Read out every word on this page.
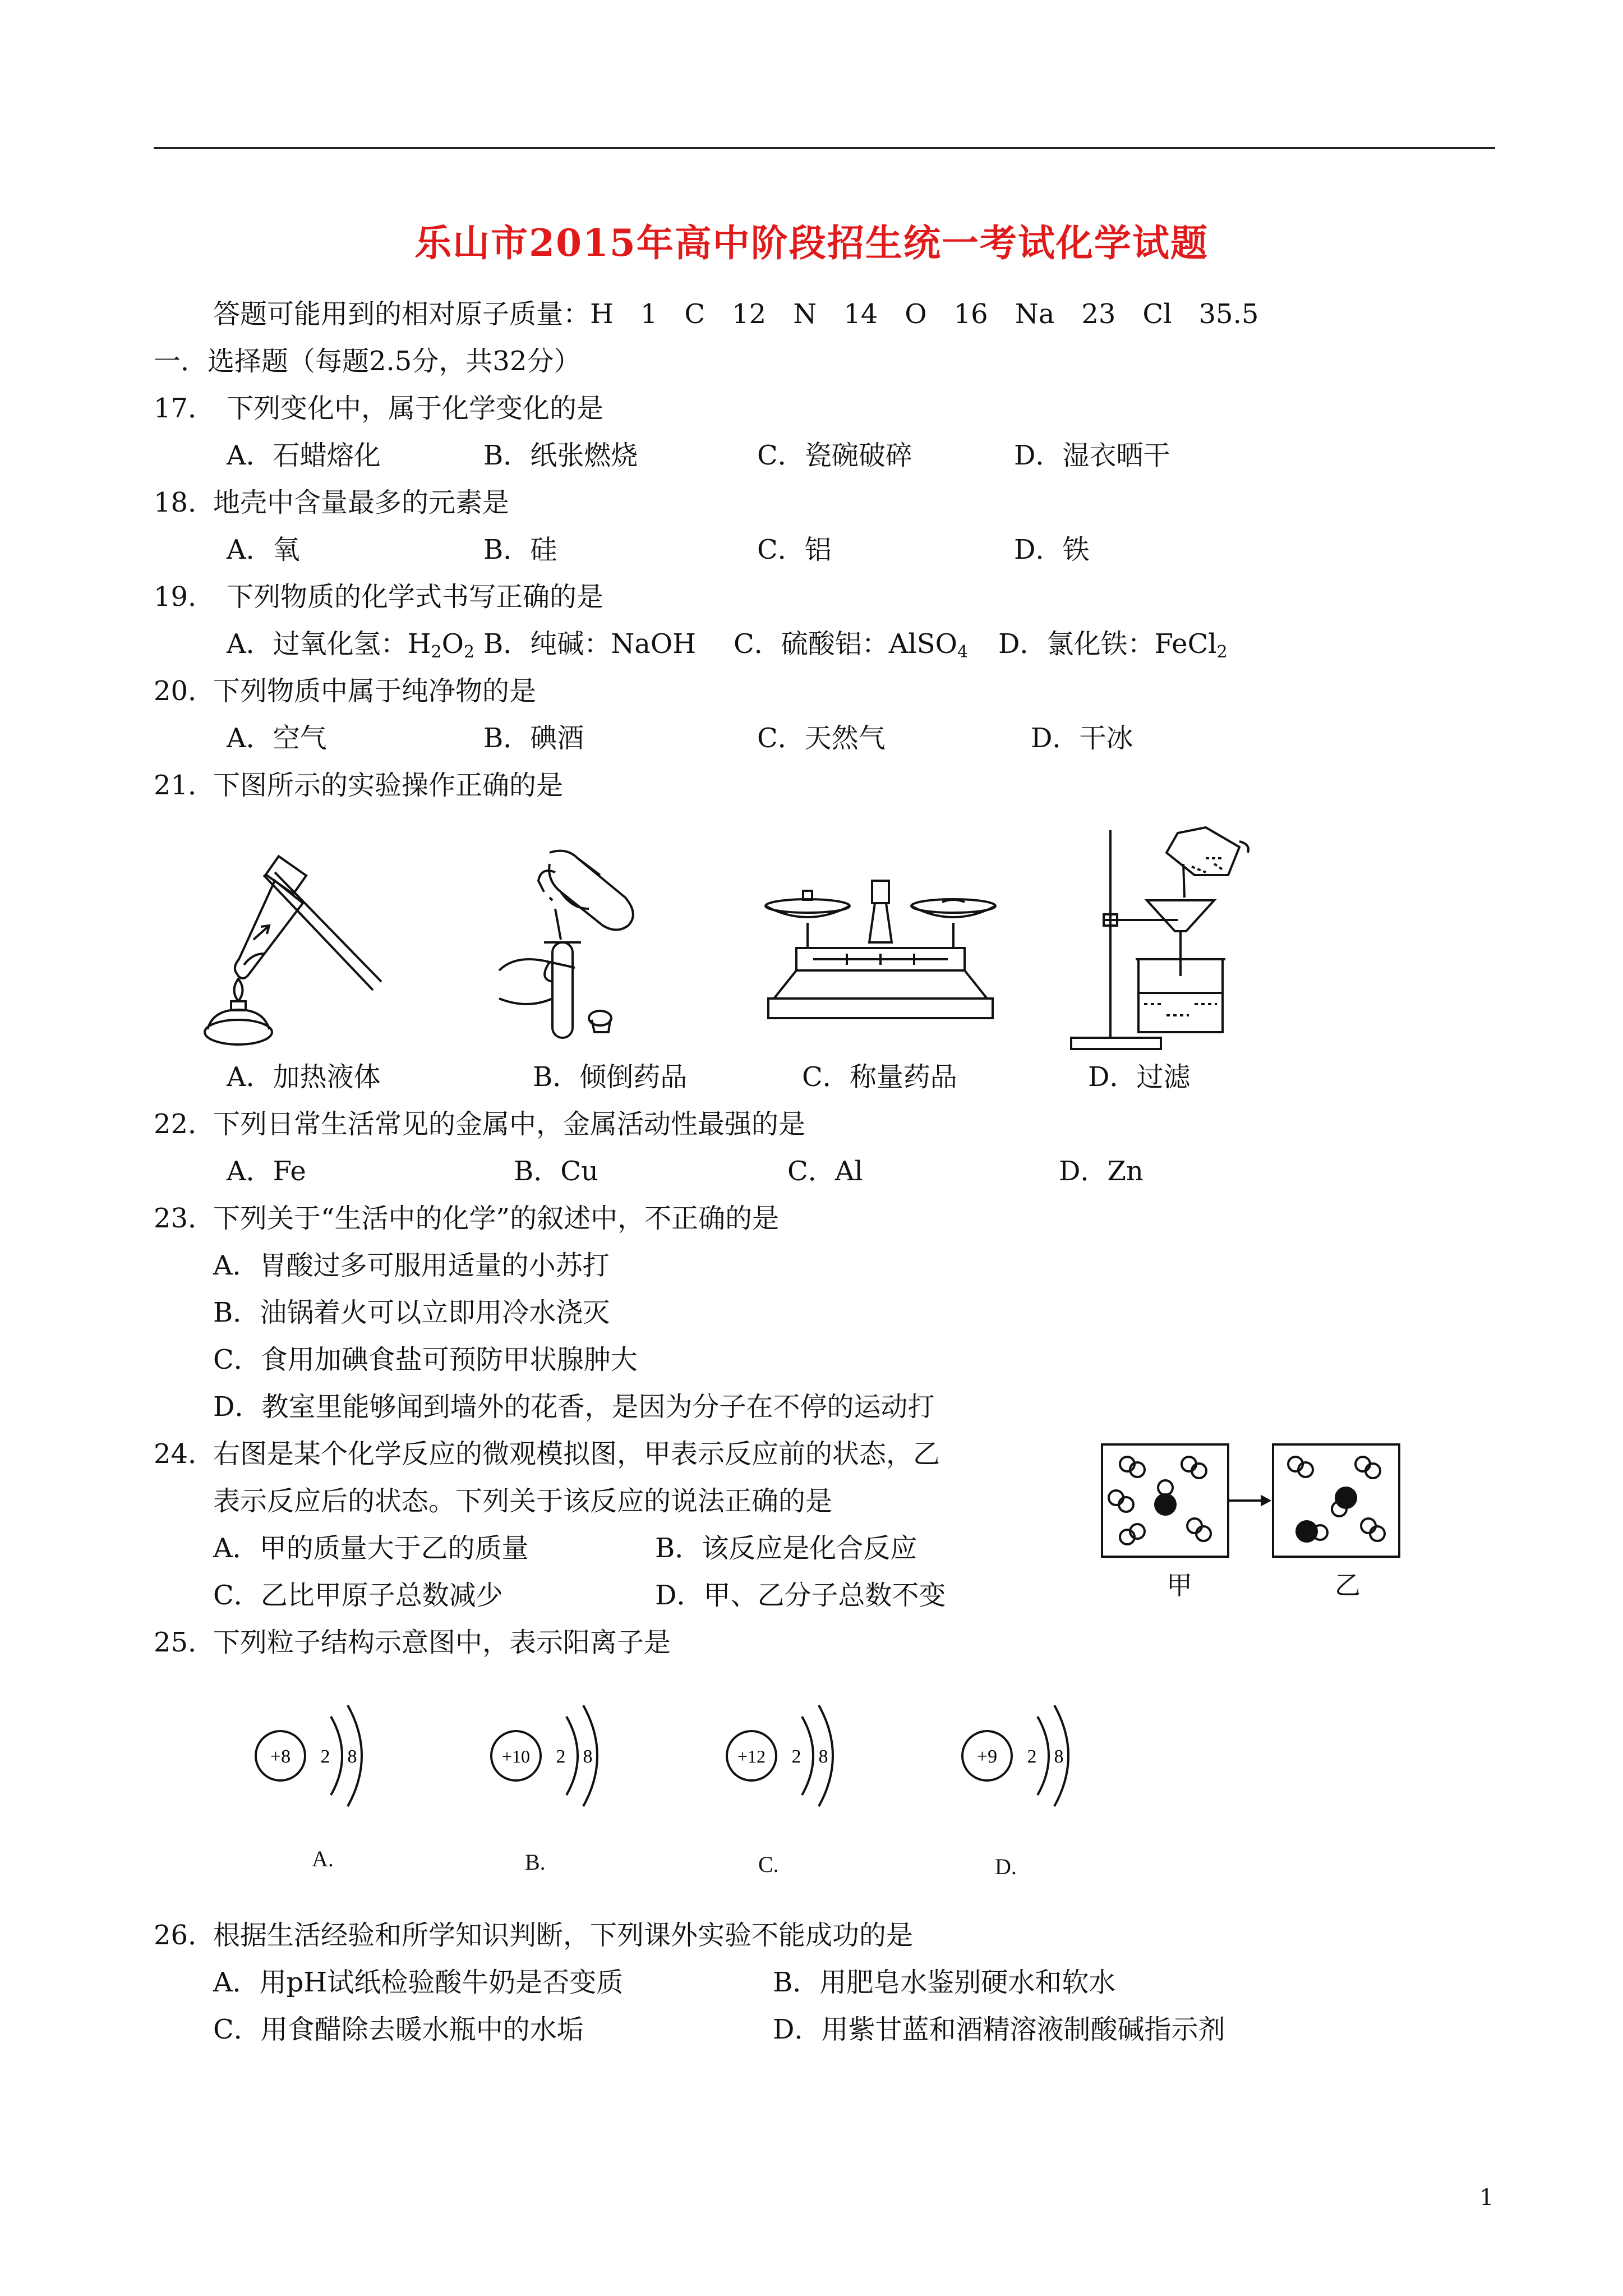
乐山市2015年高中阶段招生统一考试化学试题
答题可能用到的相对原子质量：H　1　C　12　N　14　O　16　Na　23　Cl　35.5
一．选择题（每题2.5分，共32分）
17． 下列变化中，属于化学变化的是
A．石蜡熔化	B．纸张燃烧	C．瓷碗破碎	D．湿衣晒干
18．
地壳中含量最多的元素是
A．氧	B．硅	C．铝	D．铁
19． 下列物质的化学式书写正确的是
A．过氧化氢：$H_2O_2$ B．纯碱：NaOH C．硫酸铝：AlSO$_4$ D．氯化铁：FeCl$_2$
20．
下列物质中属于纯净物的是
A．空气	B．碘酒	C．天然气	D．干冰
21．
下图所示的实验操作正确的是
A．加热液体	B．倾倒药品	C．称量药品	D．过滤
22．
下列日常生活常见的金属中，金属活动性最强的是
A．Fe	B．Cu	C．Al	D．Zn
23．
下列关于“生活中的化学”的叙述中，不正确的是
A．胃酸过多可服用适量的小苏打
B．油锅着火可以立即用冷水浇灭
C．食用加碘食盐可预防甲状腺肿大
D．教室里能够闻到墙外的花香，是因为分子在不停的运动打
24．
右图是某个化学反应的微观模拟图，甲表示反应前的状态，乙
表示反应后的状态。下列关于该反应的说法正确的是
A．甲的质量大于乙的质量	B．该反应是化合反应
C．乙比甲原子总数减少	D．甲、乙分子总数不变	甲	乙
25．
下列粒子结构示意图中，表示阳离子是
+8 2 8	+10 2 8	+12 2 8	+9 2 8
A.	B.	C.	D.
26．
根据生活经验和所学知识判断，下列课外实验不能成功的是
A．用pH试纸检验酸牛奶是否变质	B．用肥皂水鉴别硬水和软水
C．用食醋除去暖水瓶中的水垢	D．用紫甘蓝和酒精溶液制酸碱指示剂
1
